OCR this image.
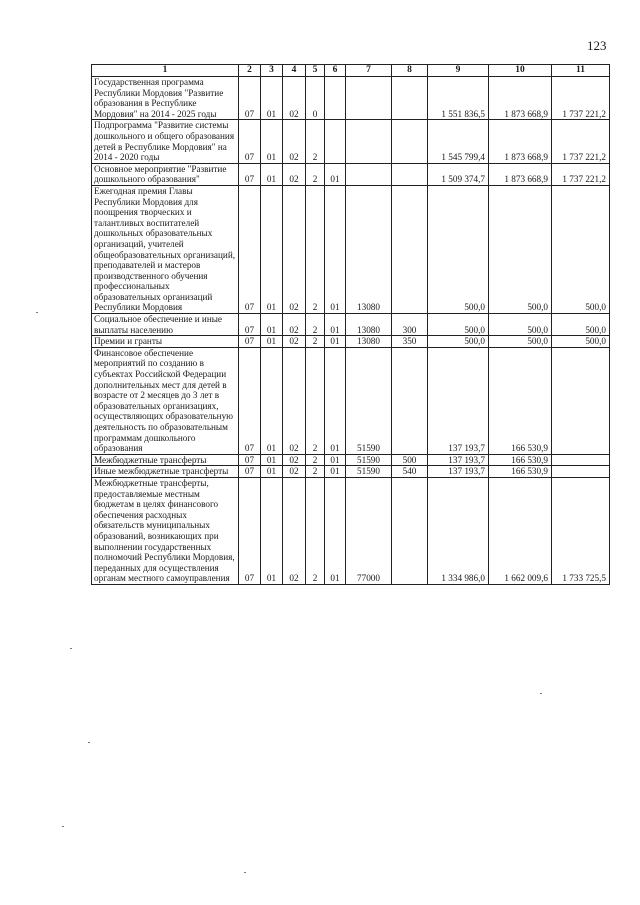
123
1	2	3	4	5	6	7	8	9	10	11
Государственная программа Республики Мордовия "Развитие образования в Республике Мордовия" на 2014 - 2025 годы	07	01	02	0				1 551 836,5	1 873 668,9	1 737 221,2
Подпрограмма "Развитие системы дошкольного и общего образования детей в Республике Мордовия" на 2014 - 2020 годы	07	01	02	2				1 545 799,4	1 873 668,9	1 737 221,2
Основное мероприятие "Развитие дошкольного образования"	07	01	02	2	01			1 509 374,7	1 873 668,9	1 737 221,2
Ежегодная премия Главы Республики Мордовия для поощрения творческих и талантливых воспитателей дошкольных образовательных организаций, учителей общеобразовательных организаций, преподавателей и мастеров производственного обучения профессиональных образовательных организаций Республики Мордовия	07	01	02	2	01	13080		500,0	500,0	500,0
Социальное обеспечение и иные выплаты населению	07	01	02	2	01	13080	300	500,0	500,0	500,0
Премии и гранты	07	01	02	2	01	13080	350	500,0	500,0	500,0
Финансовое обеспечение мероприятий по созданию в субъектах Российской Федерации дополнительных мест для детей в возрасте от 2 месяцев до 3 лет в образовательных организациях, осуществляющих образовательную деятельность по образовательным программам дошкольного образования	07	01	02	2	01	51590		137 193,7	166 530,9	
Межбюджетные трансферты	07	01	02	2	01	51590	500	137 193,7	166 530,9	
Иные межбюджетные трансферты	07	01	02	2	01	51590	540	137 193,7	166 530,9	
Межбюджетные трансферты, предоставляемые местным бюджетам в целях финансового обеспечения расходных обязательств муниципальных образований, возникающих при выполнении государственных полномочий Республики Мордовия, переданных для осуществления органам местного самоуправления	07	01	02	2	01	77000		1 334 986,0	1 662 009,6	1 733 725,5
